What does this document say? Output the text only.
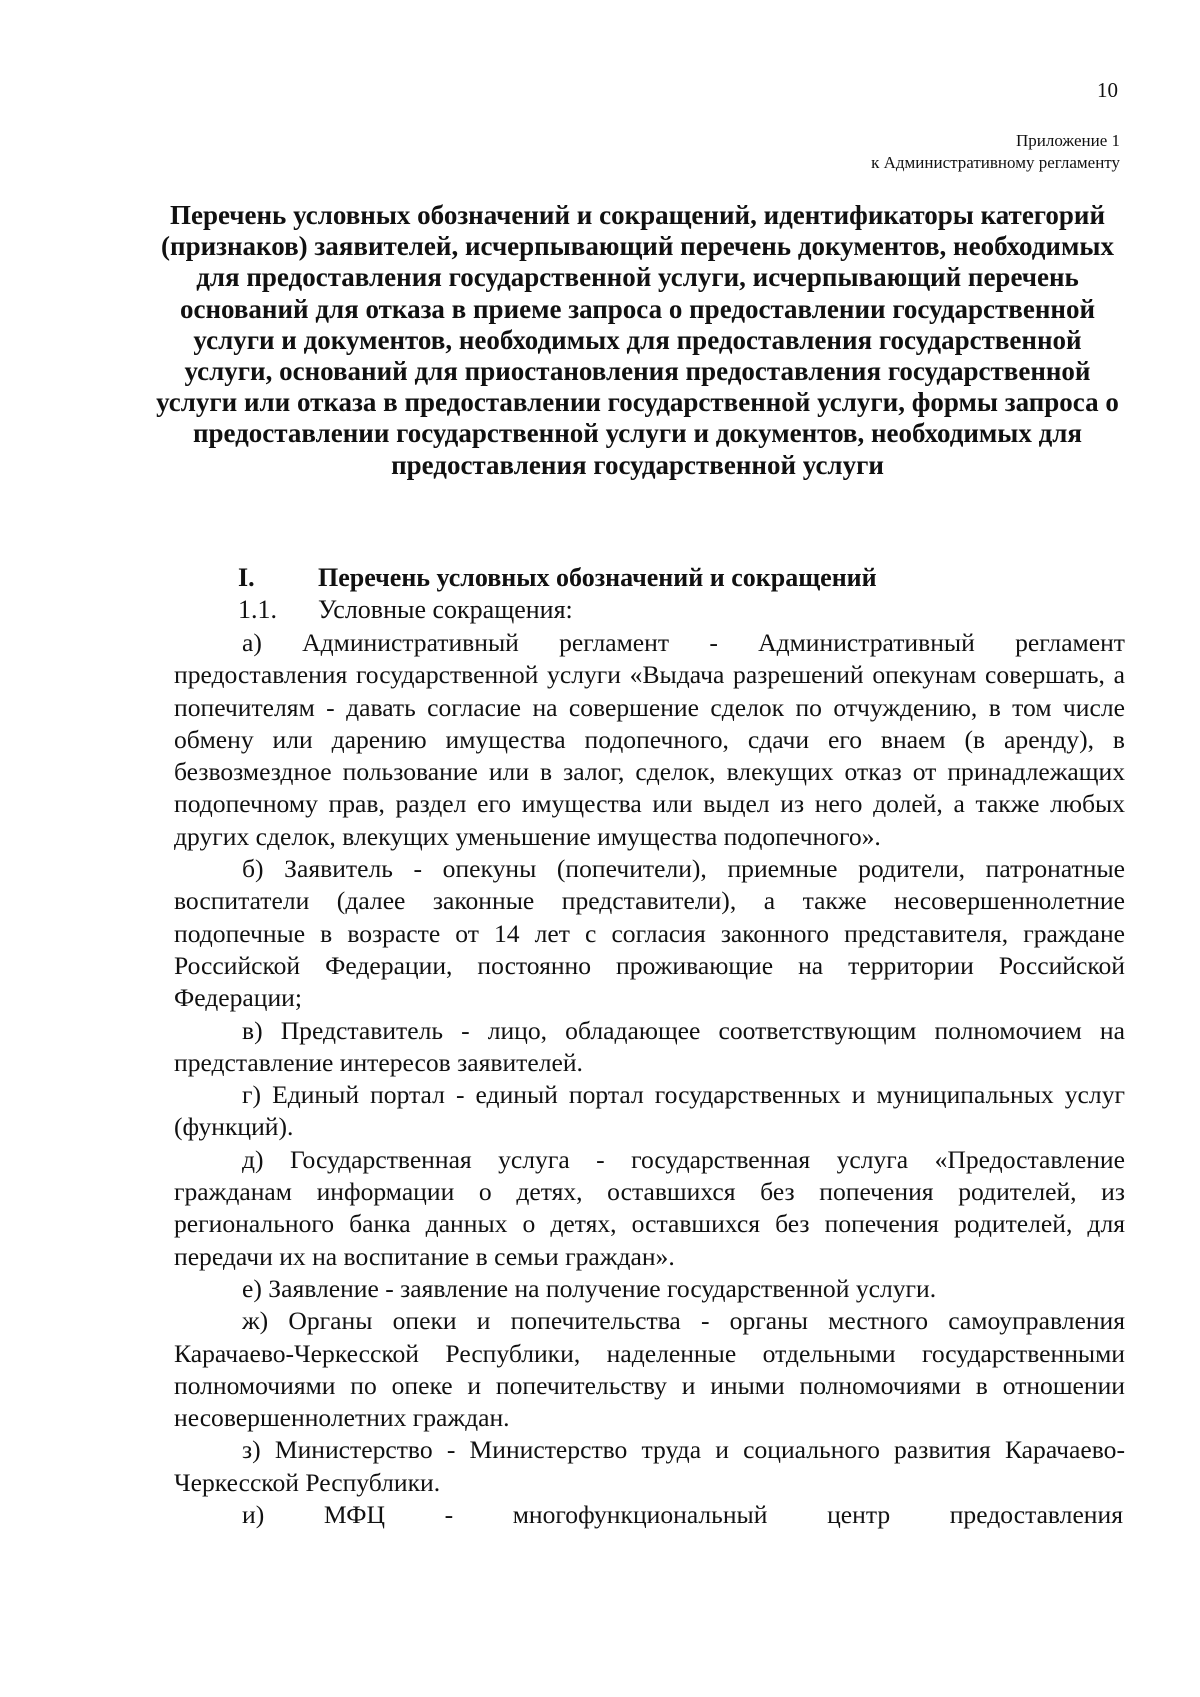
10
Приложение 1
к Административному регламенту
Перечень условных обозначений и сокращений, идентификаторы категорий (признаков) заявителей, исчерпывающий перечень документов, необходимых для предоставления государственной услуги, исчерпывающий перечень оснований для отказа в приеме запроса о предоставлении государственной услуги и документов, необходимых для предоставления государственной услуги, оснований для приостановления предоставления государственной услуги или отказа в предоставлении государственной услуги, формы запроса о предоставлении государственной услуги и документов, необходимых для предоставления государственной услуги
I. Перечень условных обозначений и сокращений
1.1. Условные сокращения:

а) Административный регламент - Административный регламент предоставления государственной услуги «Выдача разрешений опекунам совершать, а попечителям - давать согласие на совершение сделок по отчуждению, в том числе обмену или дарению имущества подопечного, сдачи его внаем (в аренду), в безвозмездное пользование или в залог, сделок, влекущих отказ от принадлежащих подопечному прав, раздел его имущества или выдел из него долей, а также любых других сделок, влекущих уменьшение имущества подопечного».

б) Заявитель - опекуны (попечители), приемные родители, патронатные воспитатели (далее законные представители), а также несовершеннолетние подопечные в возрасте от 14 лет с согласия законного представителя, граждане Российской Федерации, постоянно проживающие на территории Российской Федерации;

в) Представитель - лицо, обладающее соответствующим полномочием на представление интересов заявителей.

г) Единый портал - единый портал государственных и муниципальных услуг (функций).

д) Государственная услуга - государственная услуга «Предоставление гражданам информации о детях, оставшихся без попечения родителей, из регионального банка данных о детях, оставшихся без попечения родителей, для передачи их на воспитание в семьи граждан».

е) Заявление - заявление на получение государственной услуги.

ж) Органы опеки и попечительства - органы местного самоуправления Карачаево-Черкесской Республики, наделенные отдельными государственными полномочиями по опеке и попечительству и иными полномочиями в отношении несовершеннолетних граждан.

з) Министерство - Министерство труда и социального развития Карачаево- Черкесской Республики.

и) МФЦ - многофункциональный центр предоставления
